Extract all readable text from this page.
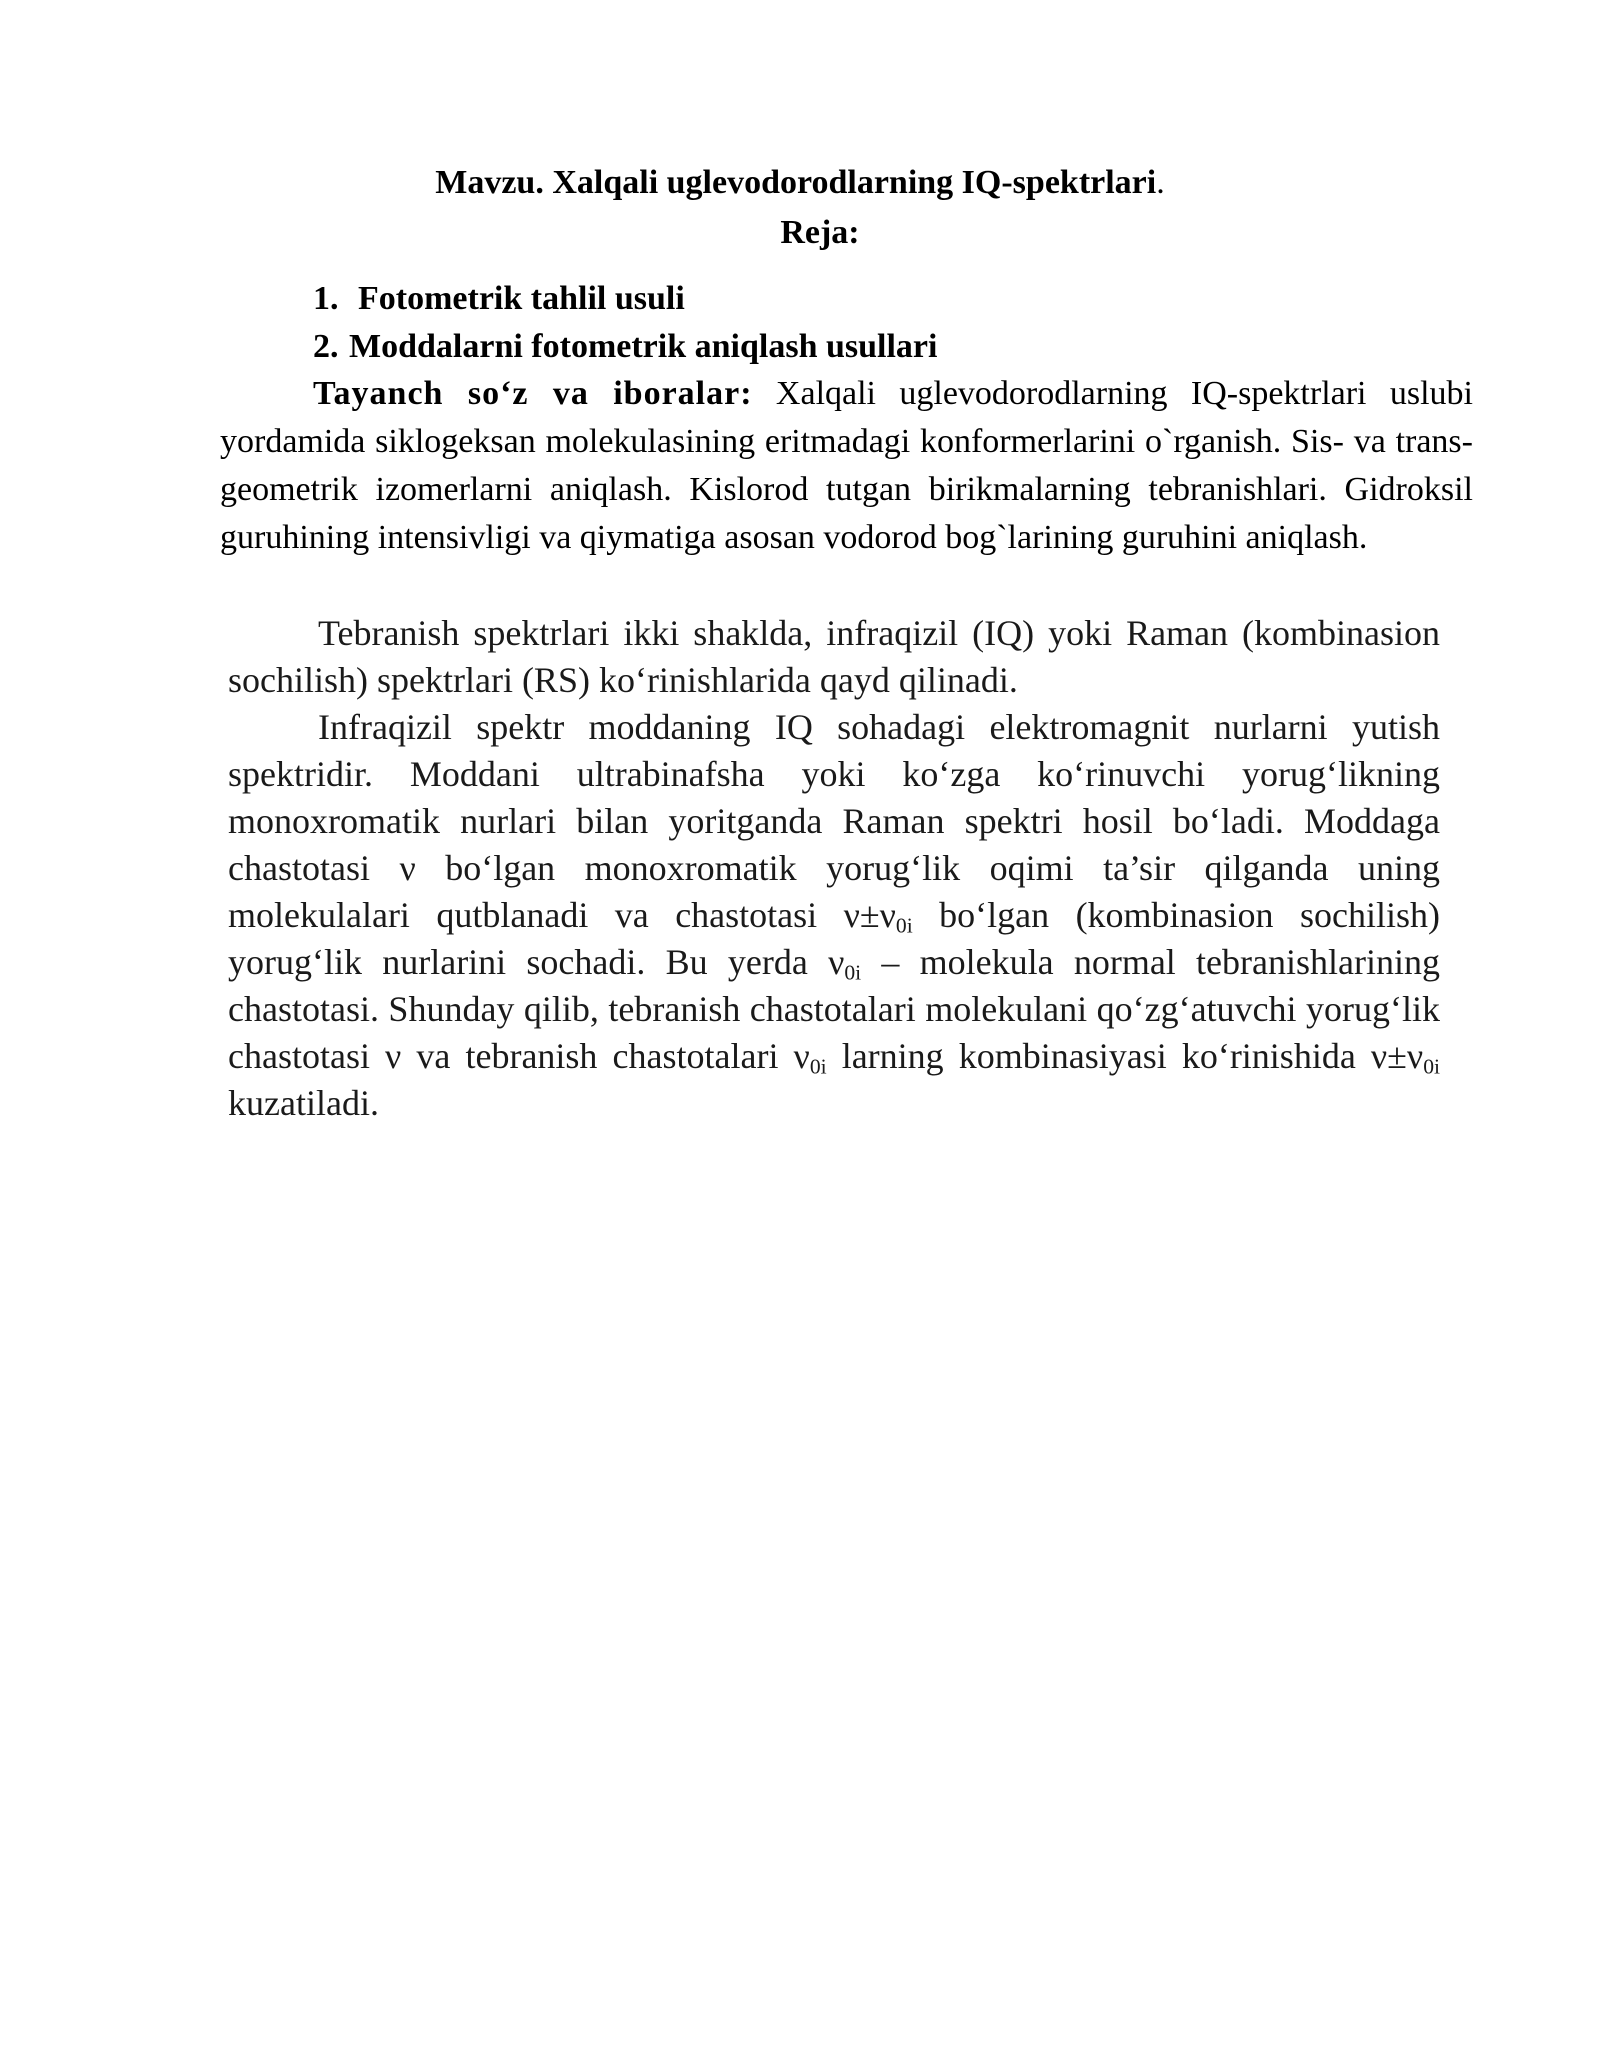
Mavzu. Xalqali uglevodorodlarning IQ-spektrlari.

Reja:

1. Fotometrik tahlil usuli
2. Moddalarni fotometrik aniqlash usullari

Tayanch so‘z va iboralar: Xalqali uglevodorodlarning IQ-spektrlari uslubi yordamida siklogeksan molekulasining eritmadagi konformerlarini o`rganish. Sis- va trans-geometrik izomerlarni aniqlash. Kislorod tutgan birikmalarning tebranishlari. Gidroksil guruhining intensivligi va qiymatiga asosan vodorod bog`larining guruhini aniqlash.

Tebranish spektrlari ikki shaklda, infraqizil (IQ) yoki Raman (kombinasion sochilish) spektrlari (RS) ko‘rinishlarida qayd qilinadi.

Infraqizil spektr moddaning IQ sohadagi elektromagnit nurlarni yutish spektridir. Moddani ultrabinafsha yoki ko‘zga ko‘rinuvchi yorug‘likning monoxromatik nurlari bilan yoritganda Raman spektri hosil bo‘ladi. Moddaga chastotasi ν bo‘lgan monoxromatik yorug‘lik oqimi ta’sir qilganda uning molekulalari qutblanadi va chastotasi $\nu\pm\nu_{0i}$ bo‘lgan (kombinasion sochilish) yorug‘lik nurlarini sochadi. Bu yerda $\nu_{0i}$ – molekula normal tebranishlarining chastotasi. Shunday qilib, tebranish chastotalari molekulani qo‘zg‘atuvchi yorug‘lik chastotasi ν va tebranish chastotalari $\nu_{0i}$ larning kombinasiyasi ko‘rinishida $\nu\pm\nu_{0i}$ kuzatiladi.
